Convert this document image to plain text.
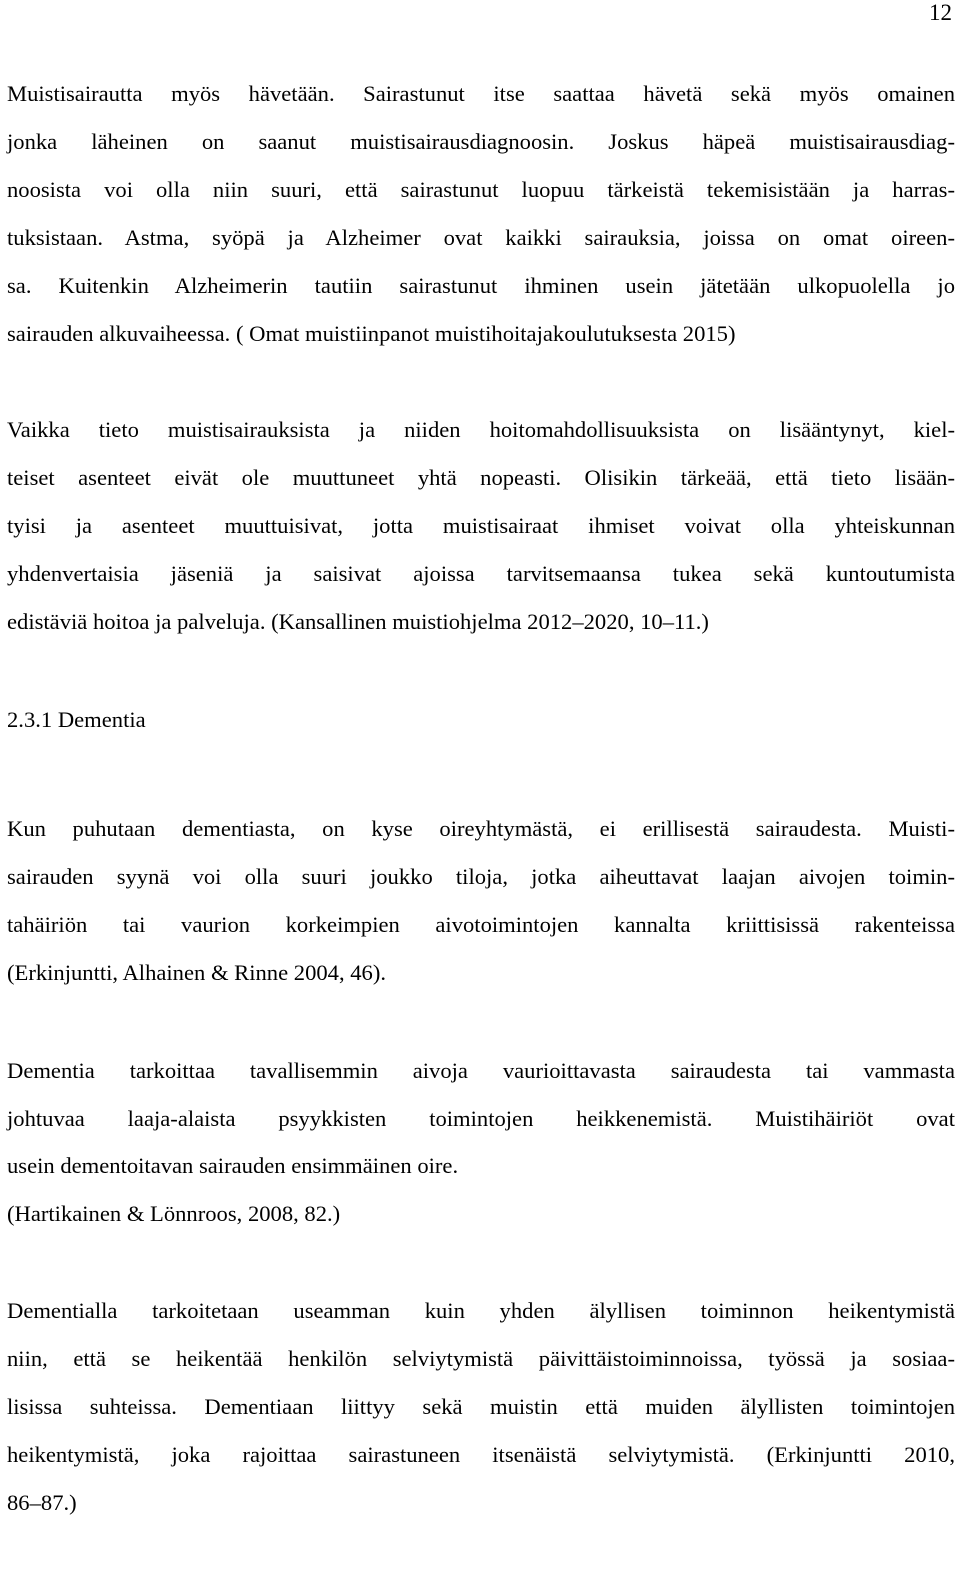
12
Muistisairautta myös hävetään. Sairastunut itse saattaa hävetä sekä myös omainen
jonka läheinen on saanut muistisairausdiagnoosin. Joskus häpeä muistisairausdiag-
noosista voi olla niin suuri, että sairastunut luopuu tärkeistä tekemisistään ja harras-
tuksistaan. Astma, syöpä ja Alzheimer ovat kaikki sairauksia, joissa on omat oireen-
sa. Kuitenkin Alzheimerin tautiin sairastunut ihminen usein jätetään ulkopuolella jo
sairauden alkuvaiheessa. ( Omat muistiinpanot muistihoitajakoulutuksesta 2015)
Vaikka tieto muistisairauksista ja niiden hoitomahdollisuuksista on lisääntynyt, kiel-
teiset asenteet eivät ole muuttuneet yhtä nopeasti. Olisikin tärkeää, että tieto lisään-
tyisi ja asenteet muuttuisivat, jotta muistisairaat ihmiset voivat olla yhteiskunnan
yhdenvertaisia jäseniä ja saisivat ajoissa tarvitsemaansa tukea sekä kuntoutumista
edistäviä hoitoa ja palveluja. (Kansallinen muistiohjelma 2012–2020, 10–11.)
2.3.1 Dementia
Kun puhutaan dementiasta, on kyse oireyhtymästä, ei erillisestä sairaudesta. Muisti-
sairauden syynä voi olla suuri joukko tiloja, jotka aiheuttavat laajan aivojen toimin-
tahäiriön tai vaurion korkeimpien aivotoimintojen kannalta kriittisissä rakenteissa
(Erkinjuntti, Alhainen & Rinne 2004, 46).
Dementia tarkoittaa tavallisemmin aivoja vaurioittavasta sairaudesta tai vammasta
johtuvaa laaja-alaista psyykkisten toimintojen heikkenemistä. Muistihäiriöt ovat
usein dementoitavan sairauden ensimmäinen oire.
(Hartikainen & Lönnroos, 2008, 82.)
Dementialla tarkoitetaan useamman kuin yhden älyllisen toiminnon heikentymistä
niin, että se heikentää henkilön selviytymistä päivittäistoiminnoissa, työssä ja sosiaa-
lisissa suhteissa. Dementiaan liittyy sekä muistin että muiden älyllisten toimintojen
heikentymistä, joka rajoittaa sairastuneen itsenäistä selviytymistä. (Erkinjuntti 2010,
86–87.)
